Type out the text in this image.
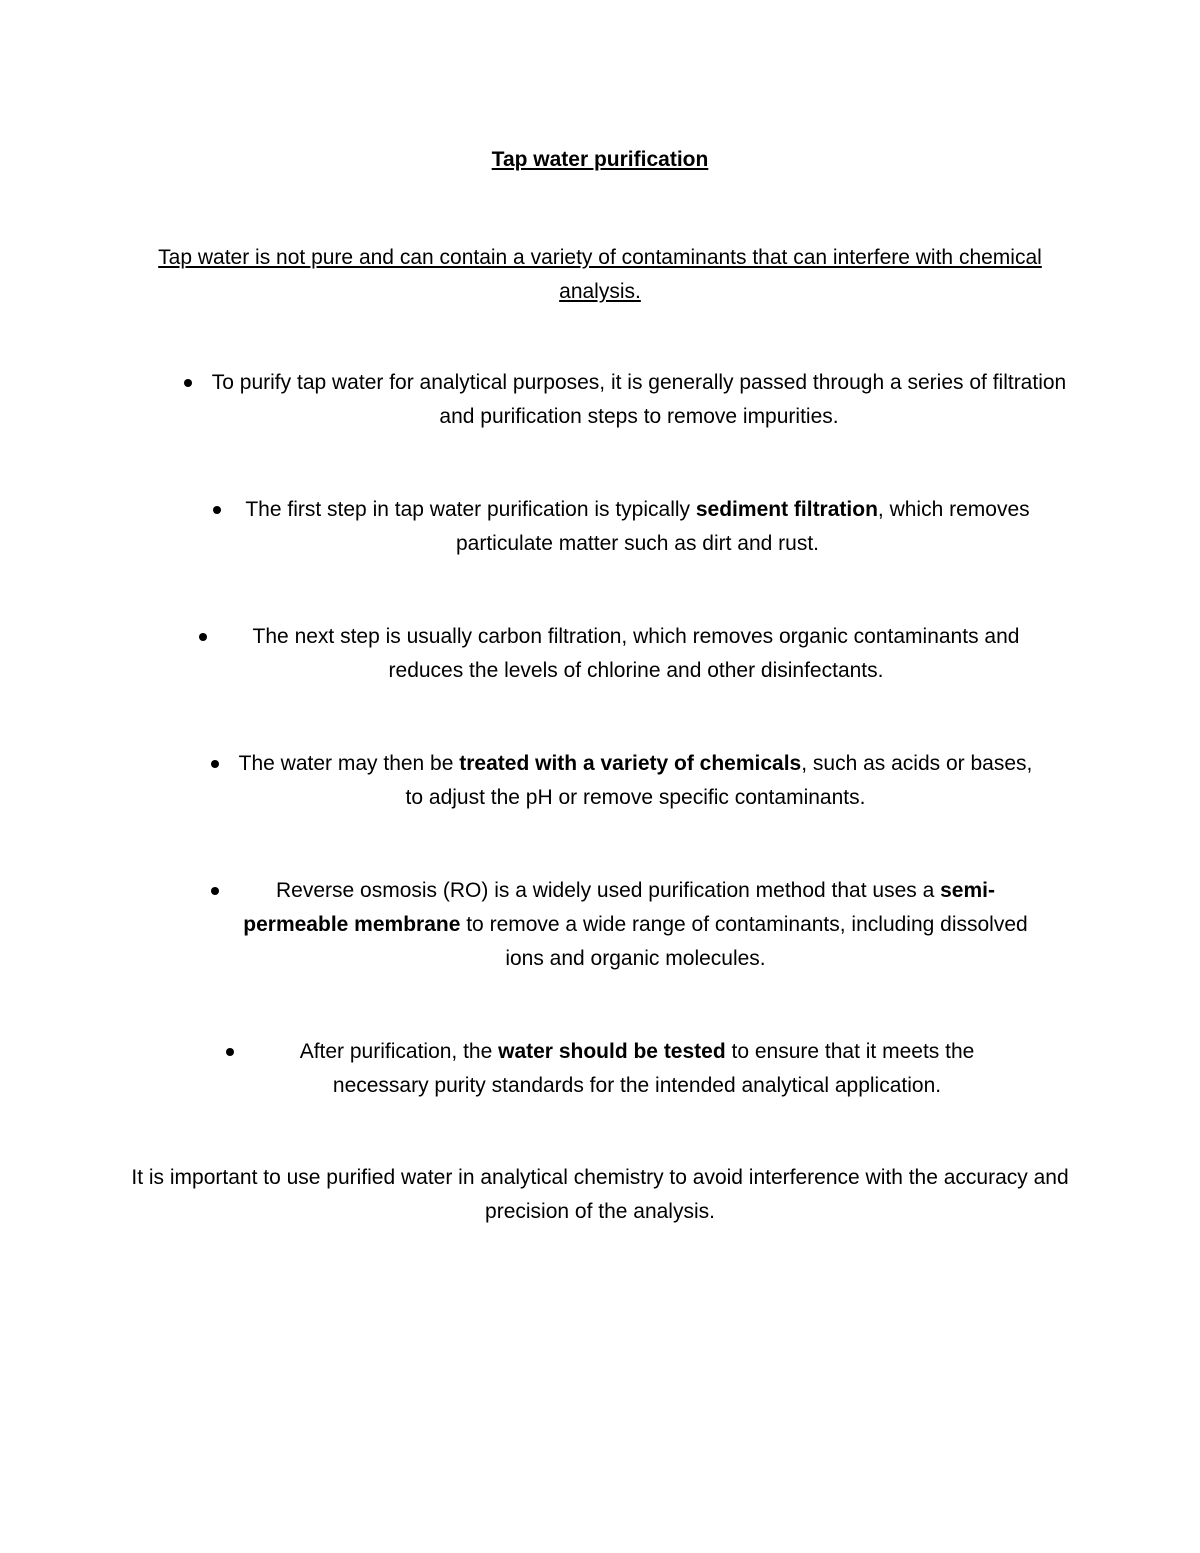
Tap water purification
Tap water is not pure and can contain a variety of contaminants that can interfere with chemical analysis.
To purify tap water for analytical purposes, it is generally passed through a series of filtration and purification steps to remove impurities.
The first step in tap water purification is typically sediment filtration, which removes particulate matter such as dirt and rust.
The next step is usually carbon filtration, which removes organic contaminants and reduces the levels of chlorine and other disinfectants.
The water may then be treated with a variety of chemicals, such as acids or bases, to adjust the pH or remove specific contaminants.
Reverse osmosis (RO) is a widely used purification method that uses a semi-permeable membrane to remove a wide range of contaminants, including dissolved ions and organic molecules.
After purification, the water should be tested to ensure that it meets the necessary purity standards for the intended analytical application.
It is important to use purified water in analytical chemistry to avoid interference with the accuracy and precision of the analysis.
